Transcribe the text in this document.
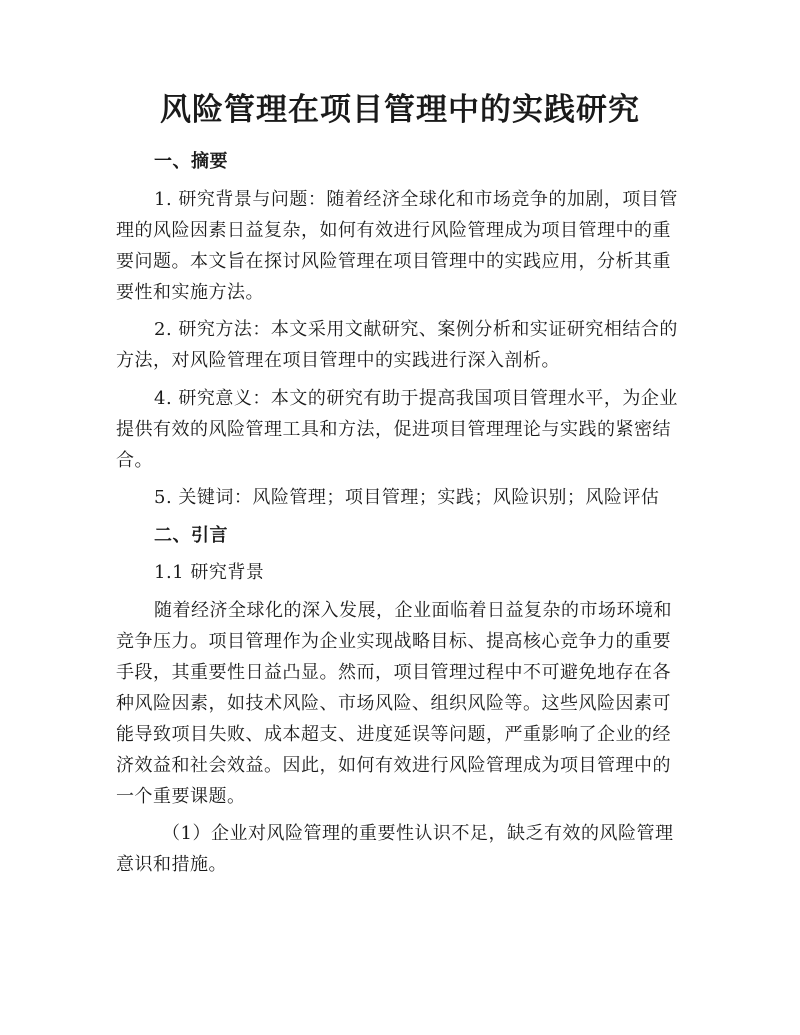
风险管理在项目管理中的实践研究

一、摘要

1. 研究背景与问题：随着经济全球化和市场竞争的加剧，项目管理的风险因素日益复杂，如何有效进行风险管理成为项目管理中的重要问题。本文旨在探讨风险管理在项目管理中的实践应用，分析其重要性和实施方法。

2. 研究方法：本文采用文献研究、案例分析和实证研究相结合的方法，对风险管理在项目管理中的实践进行深入剖析。

4. 研究意义：本文的研究有助于提高我国项目管理水平，为企业提供有效的风险管理工具和方法，促进项目管理理论与实践的紧密结合。

5. 关键词：风险管理；项目管理；实践；风险识别；风险评估

二、引言

1.1 研究背景

随着经济全球化的深入发展，企业面临着日益复杂的市场环境和竞争压力。项目管理作为企业实现战略目标、提高核心竞争力的重要手段，其重要性日益凸显。然而，项目管理过程中不可避免地存在各种风险因素，如技术风险、市场风险、组织风险等。这些风险因素可能导致项目失败、成本超支、进度延误等问题，严重影响了企业的经济效益和社会效益。因此，如何有效进行风险管理成为项目管理中的一个重要课题。

（1）企业对风险管理的重要性认识不足，缺乏有效的风险管理意识和措施。
